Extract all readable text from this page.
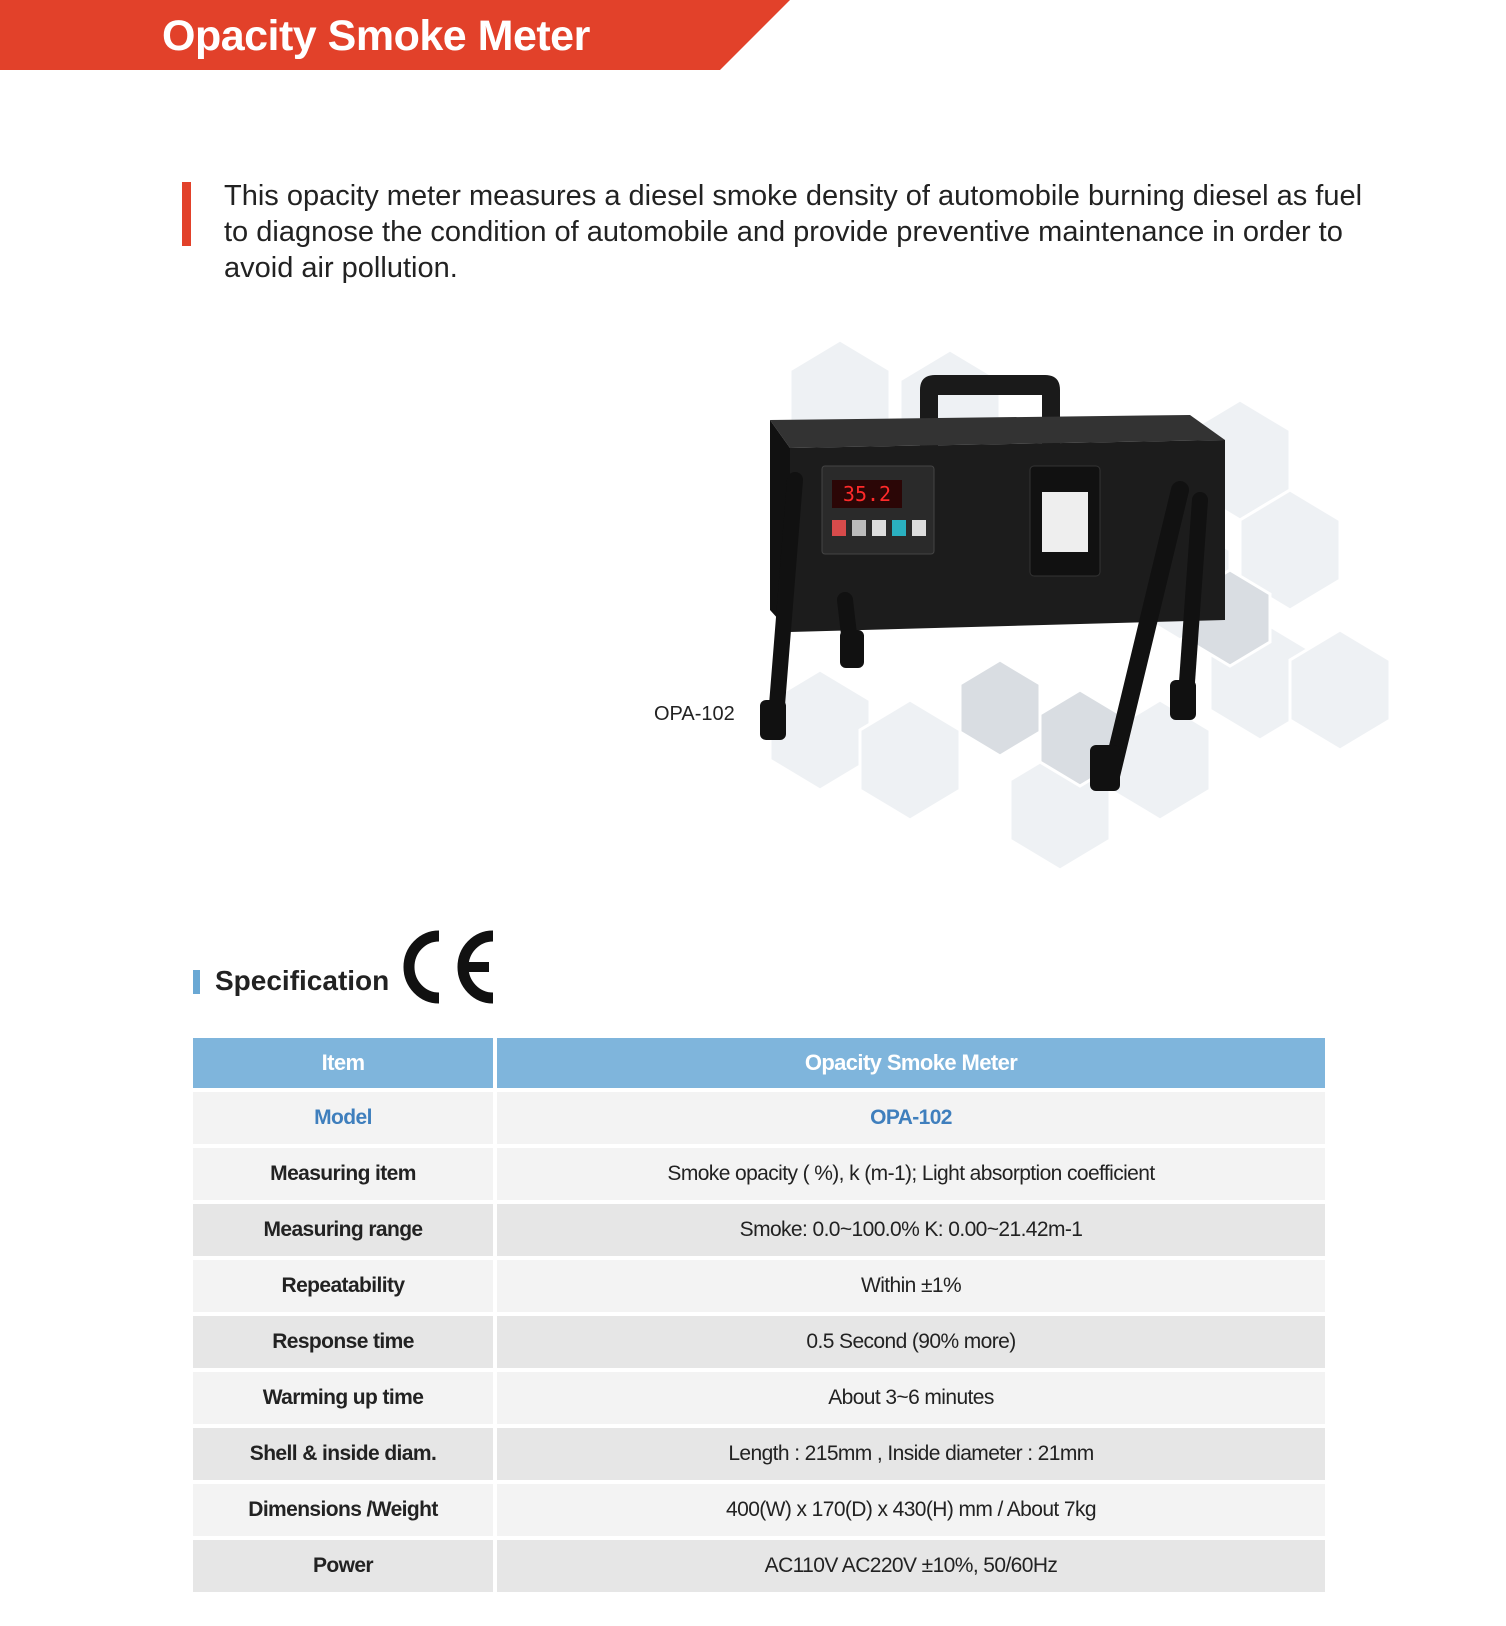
Opacity Smoke Meter
This opacity meter measures a diesel smoke density of automobile burning diesel as fuel to diagnose the condition of automobile and provide preventive maintenance in order to avoid air pollution.
35.2
OPA-102
Specification
Item	Opacity Smoke Meter
Model	OPA-102
Measuring item	Smoke opacity ( %), k (m-1); Light absorption coefficient
Measuring range	Smoke: 0.0~100.0% K: 0.00~21.42m-1
Repeatability	Within ±1%
Response time	0.5 Second (90% more)
Warming up time	About 3~6 minutes
Shell & inside diam.	Length : 215mm , Inside diameter : 21mm
Dimensions /Weight	400(W) x 170(D) x 430(H) mm / About 7kg
Power	AC110V AC220V ±10%, 50/60Hz
